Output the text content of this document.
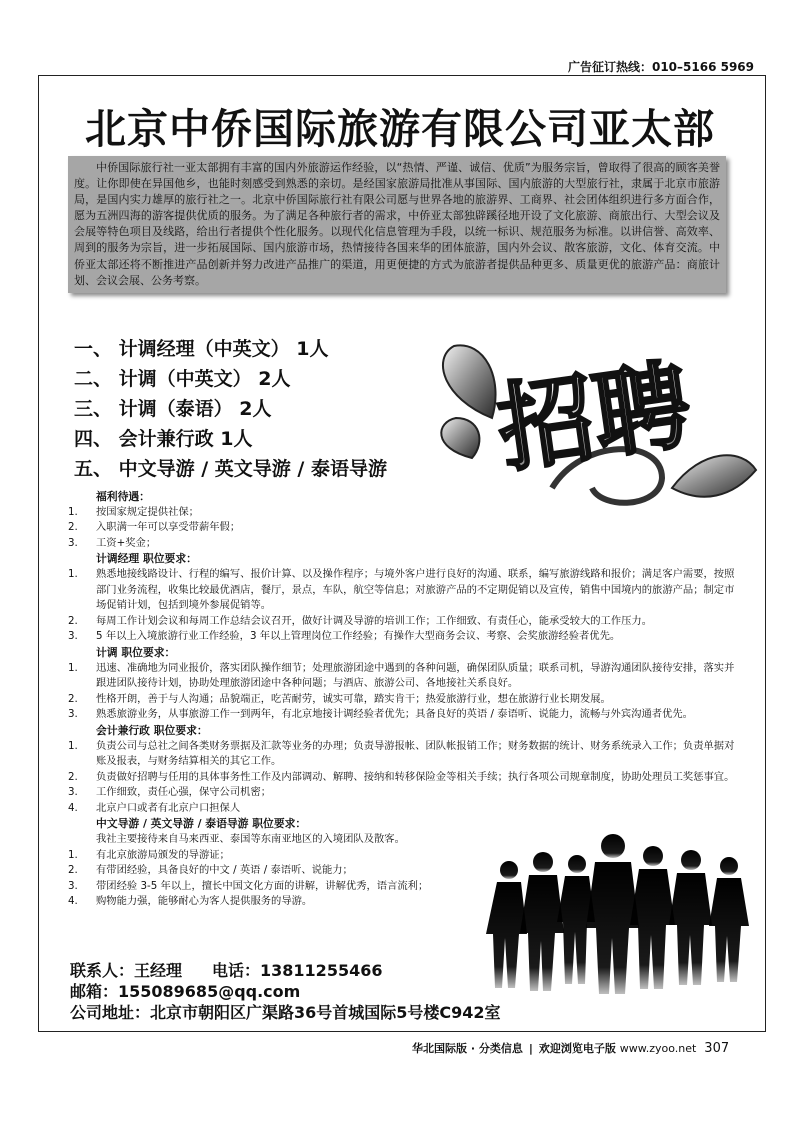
广告征订热线：010–5166 5969
北京中侨国际旅游有限公司亚太部
中侨国际旅行社一亚太部拥有丰富的国内外旅游运作经验，以“热情、严谨、诚信、优质”为服务宗旨，曾取得了很高的顾客美誉度。让你即使在异国他乡，也能时刻感受到熟悉的亲切。是经国家旅游局批准从事国际、国内旅游的大型旅行社，隶属于北京市旅游局，是国内实力雄厚的旅行社之一。北京中侨国际旅行社有限公司愿与世界各地的旅游界、工商界、社会团体组织进行多方面合作，愿为五洲四海的游客提供优质的服务。为了满足各种旅行者的需求，中侨亚太部独辟蹊径地开设了文化旅游、商旅出行、大型会议及会展等特色项目及线路，给出行者提供个性化服务。以现代化信息管理为手段，以统一标识、规范服务为标准。以讲信誉、高效率、周到的服务为宗旨，进一步拓展国际、国内旅游市场，热情接待各国来华的团体旅游，国内外会议、散客旅游，文化、体育交流。中侨亚太部还将不断推进产品创新并努力改进产品推广的渠道，用更便捷的方式为旅游者提供品种更多、质量更优的旅游产品：商旅计划、会议会展、公务考察。
一、 计调经理（中英文） 1人
二、 计调（中英文） 2人
三、 计调（泰语） 2人
四、 会计兼行政 1人
五、 中文导游 / 英文导游 / 泰语导游 招聘
福利待遇：
1. 按国家规定提供社保；
2. 入职满一年可以享受带薪年假；
3. 工资+奖金；
计调经理 职位要求：
1. 熟悉地接线路设计、行程的编写、报价计算、以及操作程序；与境外客户进行良好的沟通、联系，编写旅游线路和报价；满足客户需要，按照部门业务流程，收集比较最优酒店，餐厅，景点，车队，航空等信息；对旅游产品的不定期促销以及宣传，销售中国境内的旅游产品；制定市场促销计划，包括到境外参展促销等。
2. 每周工作计划会议和每周工作总结会议召开，做好计调及导游的培训工作；工作细致、有责任心，能承受较大的工作压力。
3. 5 年以上入境旅游行业工作经验，3 年以上管理岗位工作经验；有操作大型商务会议、考察、会奖旅游经验者优先。
计调 职位要求：
1. 迅速、准确地为同业报价，落实团队操作细节；处理旅游团途中遇到的各种问题，确保团队质量；联系司机，导游沟通团队接待安排，落实并跟进团队接待计划，协助处理旅游团途中各种问题；与酒店、旅游公司、各地接社关系良好。
2. 性格开朗，善于与人沟通；品貌端正，吃苦耐劳，诚实可靠，踏实肯干；热爱旅游行业，想在旅游行业长期发展。
3. 熟悉旅游业务，从事旅游工作一到两年，有北京地接计调经验者优先；具备良好的英语 / 泰语听、说能力，流畅与外宾沟通者优先。
会计兼行政 职位要求：
1. 负责公司与总社之间各类财务票据及汇款等业务的办理；负责导游报帐、团队帐报销工作；财务数据的统计、财务系统录入工作；负责单据对账及报表，与财务结算相关的其它工作。
2. 负责做好招聘与任用的具体事务性工作及内部调动、解聘、接纳和转移保险金等相关手续；执行各项公司规章制度，协助处理员工奖惩事宜。
3. 工作细致，责任心强，保守公司机密；
4. 北京户口或者有北京户口担保人
中文导游 / 英文导游 / 泰语导游 职位要求：
我社主要接待来自马来西亚、泰国等东南亚地区的入境团队及散客。
1. 有北京旅游局颁发的导游证；
2. 有带团经验，具备良好的中文 / 英语 / 泰语听、说能力；
3. 带团经验 3-5 年以上，擅长中国文化方面的讲解，讲解优秀，语言流利；
4. 购物能力强，能够耐心为客人提供服务的导游。
联系人：王经理 电话：13811255466
邮箱：155089685@qq.com
公司地址：北京市朝阳区广渠路36号首城国际5号楼C942室
华北国际版 · 分类信息 | 欢迎浏览电子版 www.zyoo.net 307
